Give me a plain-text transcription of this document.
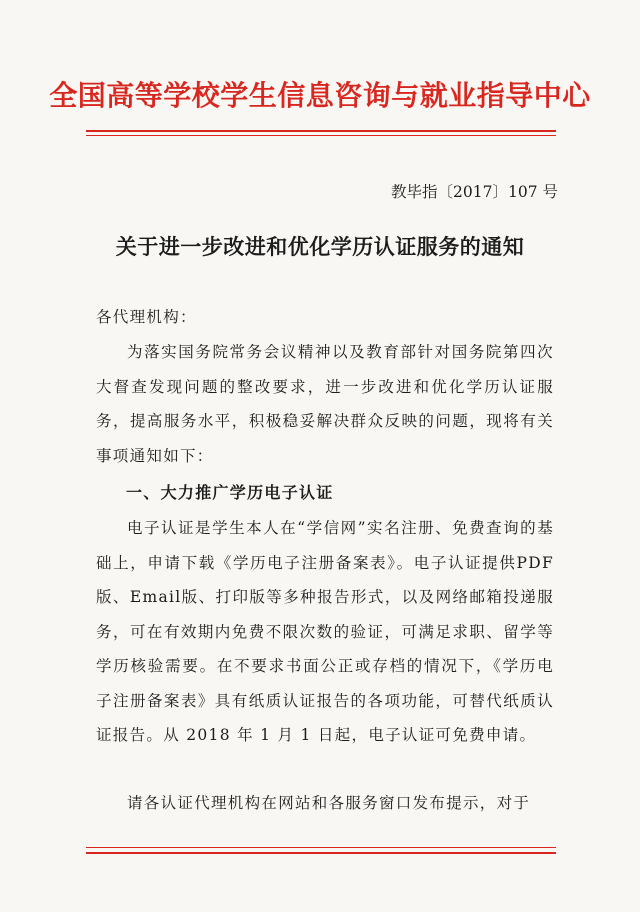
全国高等学校学生信息咨询与就业指导中心
教毕指〔2017〕107 号
关于进一步改进和优化学历认证服务的通知
各代理机构：
为落实国务院常务会议精神以及教育部针对国务院第四次大督查发现问题的整改要求，进一步改进和优化学历认证服务，提高服务水平，积极稳妥解决群众反映的问题，现将有关事项通知如下：
一、大力推广学历电子认证
电子认证是学生本人在“学信网”实名注册、免费查询的基础上，申请下载《学历电子注册备案表》。电子认证提供PDF版、Email版、打印版等多种报告形式，以及网络邮箱投递服务，可在有效期内免费不限次数的验证，可满足求职、留学等学历核验需要。在不要求书面公正或存档的情况下，《学历电子注册备案表》具有纸质认证报告的各项功能，可替代纸质认证报告。从 2018 年 1 月 1 日起，电子认证可免费申请。
请各认证代理机构在网站和各服务窗口发布提示，对于
